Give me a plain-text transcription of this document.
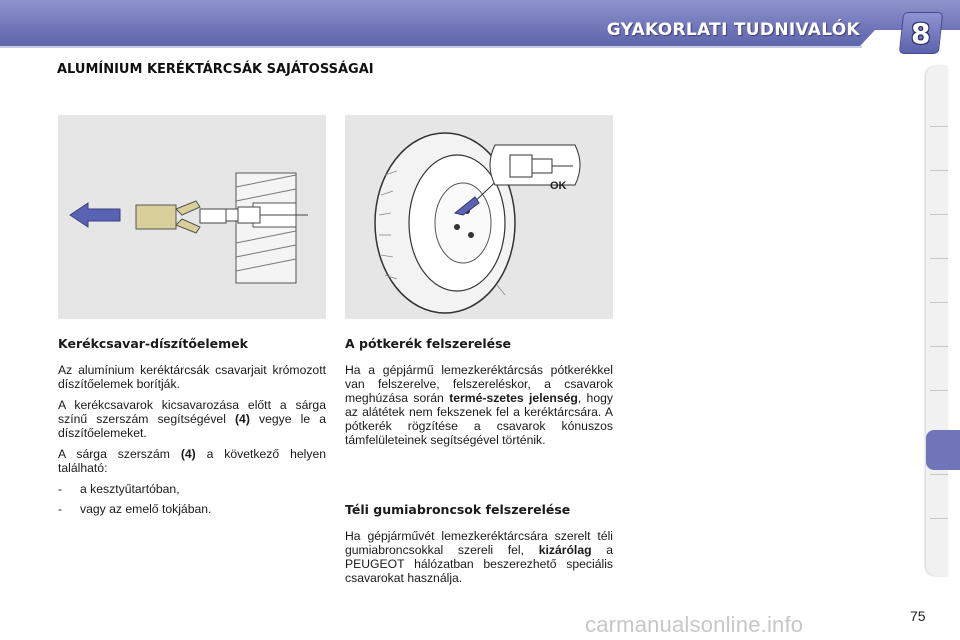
GYAKORLATI TUDNIVALÓK 8
ALUMÍNIUM KERÉKTÁRCSÁK SAJÁTOSSÁGAI
OK
Kerékcsavar-díszítőelemek

Az alumínium keréktárcsák csavarjait krómozott díszítőelemek borítják.

A kerékcsavarok kicsavarozása előtt a sárga színű szerszám segítségével (4) vegye le a díszítőelemeket.

A sárga szerszám (4) a következő helyen található:

-	a kesztyűtartóban,
-	vagy az emelő tokjában.
A pótkerék felszerelése

Ha a gépjármű lemezkeréktárcsás pótkerékkel van felszerelve, felszereléskor, a csavarok meghúzása során termé-szetes jelenség, hogy az alátétek nem fekszenek fel a keréktárcsára. A pótkerék rögzítése a csavarok kónuszos támfelületeinek segítségével történik.

Téli gumiabroncsok felszerelése

Ha gépjárművét lemezkeréktárcsára szerelt téli gumiabroncsokkal szereli fel, kizárólag a PEUGEOT hálózatban beszerezhető speciális csavarokat használja.

75
carmanualsonline.info
